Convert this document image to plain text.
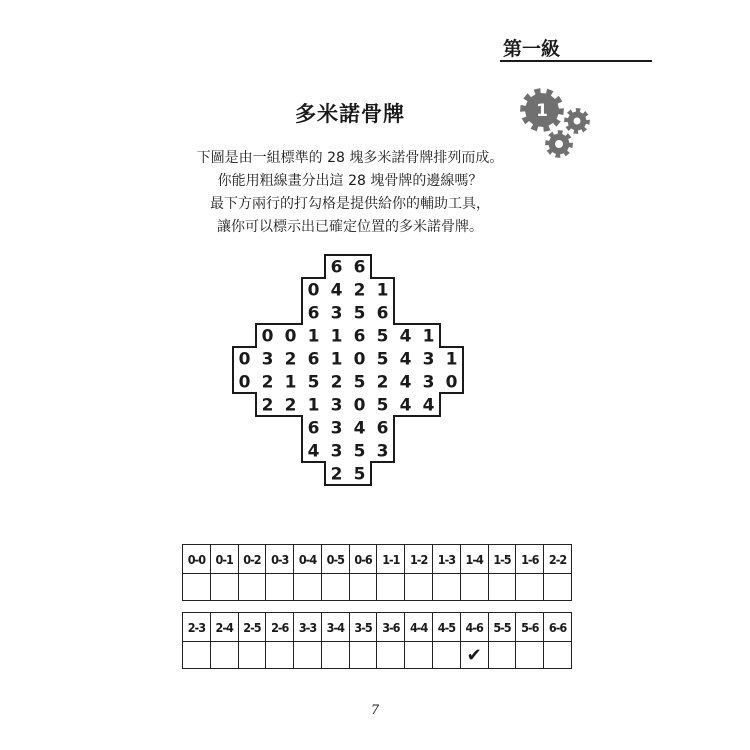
第一級
1
多米諾骨牌
下圖是由一組標準的 28 塊多米諾骨牌排列而成。
你能用粗線畫分出這 28 塊骨牌的邊線嗎？
最下方兩行的打勾格是提供給你的輔助工具，
讓你可以標示出已確定位置的多米諾骨牌。
6 6
0 4 2 1
6 3 5 6
0 0 1 1 6 5 4 1
0 3 2 6 1 0 5 4 3 1
0 2 1 5 2 5 2 4 3 0
2 2 1 3 0 5 4 4
6 3 4 6
4 3 5 3
2 5
0-0	0-1	0-2	0-3	0-4	0-5	0-6	1-1	1-2	1-3	1-4	1-5	1-6	2-2

2-3	2-4	2-5	2-6	3-3	3-4	3-5	3-6	4-4	4-5	4-6	5-5	5-6	6-6
										✔			
7
